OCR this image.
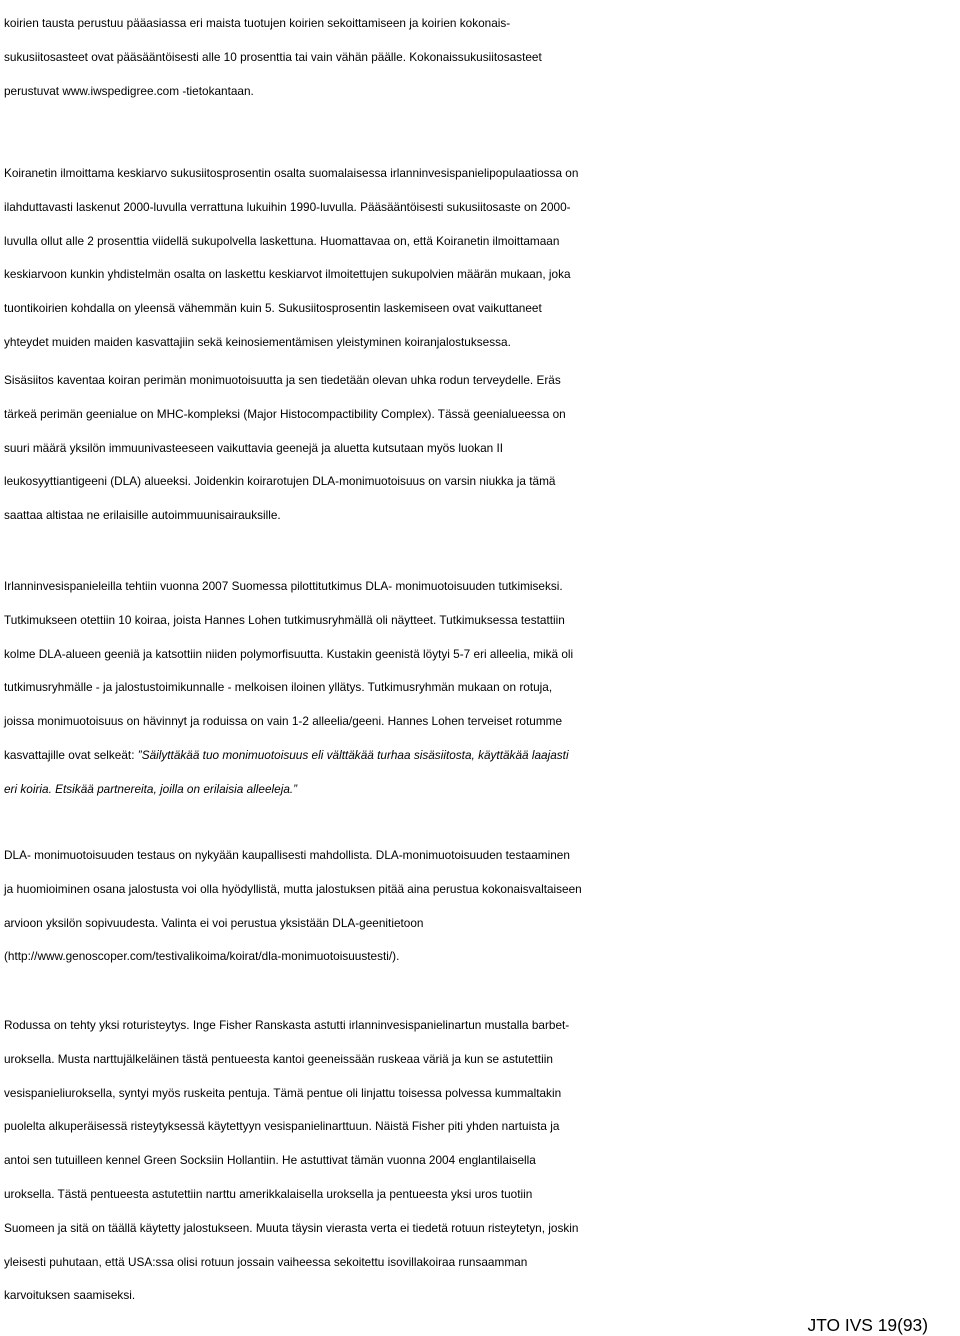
koirien tausta perustuu pääasiassa eri maista tuotujen koirien sekoittamiseen ja koirien kokonais-
sukusiitosasteet ovat pääsääntöisesti alle 10 prosenttia tai vain vähän päälle. Kokonaissukusiitosasteet
perustuvat www.iwspedigree.com -tietokantaan.
Koiranetin ilmoittama keskiarvo sukusiitosprosentin osalta suomalaisessa irlanninvesispanielipopulaatiossa on
ilahduttavasti laskenut 2000-luvulla verrattuna lukuihin 1990-luvulla. Pääsääntöisesti sukusiitosaste on 2000-
luvulla ollut alle 2 prosenttia viidellä sukupolvella laskettuna. Huomattavaa on, että Koiranetin ilmoittamaan
keskiarvoon kunkin yhdistelmän osalta on laskettu keskiarvot ilmoitettujen sukupolvien määrän mukaan, joka
tuontikoirien kohdalla on yleensä vähemmän kuin 5. Sukusiitosprosentin laskemiseen ovat vaikuttaneet
yhteydet muiden maiden kasvattajiin sekä keinosiementämisen yleistyminen koiranjalostuksessa.
Sisäsiitos kaventaa koiran perimän monimuotoisuutta ja sen tiedetään olevan uhka rodun terveydelle. Eräs
tärkeä perimän geenialue on MHC-kompleksi (Major Histocompactibility Complex). Tässä geenialueessa on
suuri määrä yksilön immuunivasteeseen vaikuttavia geenejä ja aluetta kutsutaan myös luokan II
leukosyyttiantigeeni (DLA) alueeksi. Joidenkin koirarotujen DLA-monimuotoisuus on varsin niukka ja tämä
saattaa altistaa ne erilaisille autoimmuunisairauksille.
Irlanninvesispanieleilla tehtiin vuonna 2007 Suomessa pilottitutkimus DLA- monimuotoisuuden tutkimiseksi.
Tutkimukseen otettiin 10 koiraa, joista Hannes Lohen tutkimusryhmällä oli näytteet. Tutkimuksessa testattiin
kolme DLA-alueen geeniä ja katsottiin niiden polymorfisuutta. Kustakin geenistä löytyi 5-7 eri alleelia, mikä oli
tutkimusryhmälle - ja jalostustoimikunnalle - melkoisen iloinen yllätys. Tutkimusryhmän mukaan on rotuja,
joissa monimuotoisuus on hävinnyt ja roduissa on vain 1-2 alleelia/geeni. Hannes Lohen terveiset rotumme
kasvattajille ovat selkeät: ”Säilyttäkää tuo monimuotoisuus eli välttäkää turhaa sisäsiitosta, käyttäkää laajasti
eri koiria. Etsikää partnereita, joilla on erilaisia alleeleja.”
DLA- monimuotoisuuden testaus on nykyään kaupallisesti mahdollista. DLA-monimuotoisuuden testaaminen
ja huomioiminen osana jalostusta voi olla hyödyllistä, mutta jalostuksen pitää aina perustua kokonaisvaltaiseen
arvioon yksilön sopivuudesta. Valinta ei voi perustua yksistään DLA-geenitietoon
(http://www.genoscoper.com/testivalikoima/koirat/dla-monimuotoisuustesti/).
Rodussa on tehty yksi roturisteytys. Inge Fisher Ranskasta astutti irlanninvesispanielinartun mustalla barbet-
uroksella. Musta narttujälkeläinen tästä pentueesta kantoi geeneissään ruskeaa väriä ja kun se astutettiin
vesispanieliuroksella, syntyi myös ruskeita pentuja. Tämä pentue oli linjattu toisessa polvessa kummaltakin
puolelta alkuperäisessä risteytyksessä käytettyyn vesispanielinarttuun. Näistä Fisher piti yhden nartuista ja
antoi sen tutuilleen kennel Green Socksiin Hollantiin. He astuttivat tämän vuonna 2004 englantilaisella
uroksella. Tästä pentueesta astutettiin narttu amerikkalaisella uroksella ja pentueesta yksi uros tuotiin
Suomeen ja sitä on täällä käytetty jalostukseen. Muuta täysin vierasta verta ei tiedetä rotuun risteytetyn, joskin
yleisesti puhutaan, että USA:ssa olisi rotuun jossain vaiheessa sekoitettu isovillakoiraa runsaamman
karvoituksen saamiseksi.
JTO IVS 19(93)
